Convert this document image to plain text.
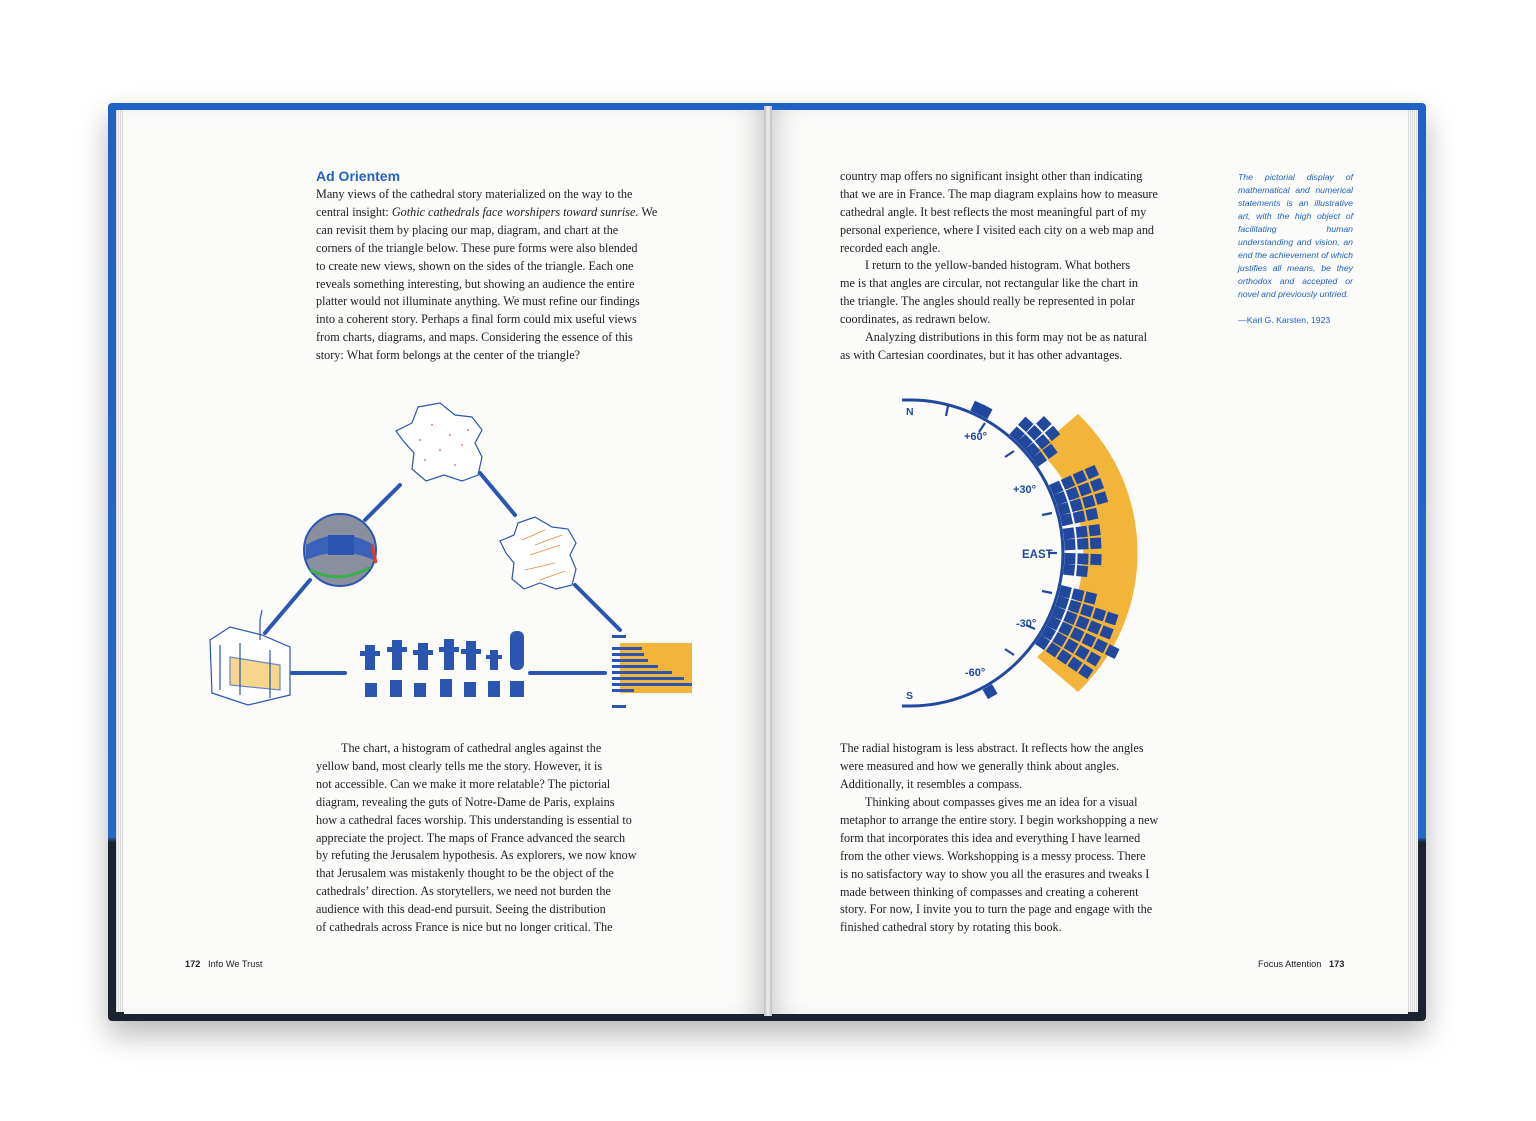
Ad Orientem
Many views of the cathedral story materialized on the way to the
central insight: Gothic cathedrals face worshipers toward sunrise. We
can revisit them by placing our map, diagram, and chart at the
corners of the triangle below. These pure forms were also blended
to create new views, shown on the sides of the triangle. Each one
reveals something interesting, but showing an audience the entire
platter would not illuminate anything. We must refine our findings
into a coherent story. Perhaps a final form could mix useful views
from charts, diagrams, and maps. Considering the essence of this
story: What form belongs at the center of the triangle?
The chart, a histogram of cathedral angles against the
yellow band, most clearly tells me the story. However, it is
not accessible. Can we make it more relatable? The pictorial
diagram, revealing the guts of Notre-Dame de Paris, explains
how a cathedral faces worship. This understanding is essential to
appreciate the project. The maps of France advanced the search
by refuting the Jerusalem hypothesis. As explorers, we now know
that Jerusalem was mistakenly thought to be the object of the
cathedrals’ direction. As storytellers, we need not burden the
audience with this dead-end pursuit. Seeing the distribution
of cathedrals across France is nice but no longer critical. The
172 Info We Trust
country map offers no significant insight other than indicating
that we are in France. The map diagram explains how to measure
cathedral angle. It best reflects the most meaningful part of my
personal experience, where I visited each city on a web map and
recorded each angle.
I return to the yellow-banded histogram. What bothers
me is that angles are circular, not rectangular like the chart in
the triangle. The angles should really be represented in polar
coordinates, as redrawn below.
Analyzing distributions in this form may not be as natural
as with Cartesian coordinates, but it has other advantages.
The pictorial display of mathematical and numerical statements is an illustrative art, with the high object of facilitating human understanding and vision, an end the achievement of which justifies all means, be they orthodox and accepted or novel and previously untried.
—Karl G. Karsten, 1923
N
S
+60°
+30°
EAST
-30°
-60°
The radial histogram is less abstract. It reflects how the angles
were measured and how we generally think about angles.
Additionally, it resembles a compass.
Thinking about compasses gives me an idea for a visual
metaphor to arrange the entire story. I begin workshopping a new
form that incorporates this idea and everything I have learned
from the other views. Workshopping is a messy process. There
is no satisfactory way to show you all the erasures and tweaks I
made between thinking of compasses and creating a coherent
story. For now, I invite you to turn the page and engage with the
finished cathedral story by rotating this book.
Focus Attention 173
